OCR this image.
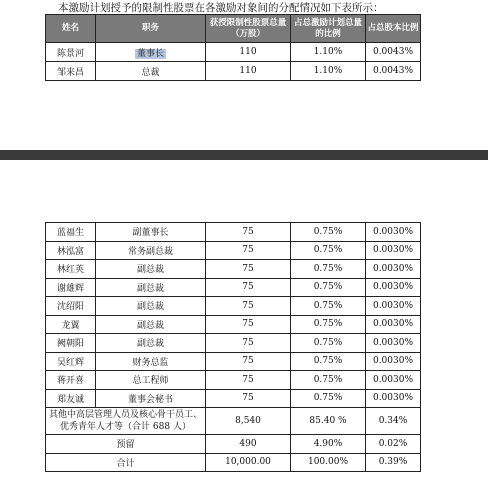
本激励计划授予的限制性股票在各激励对象间的分配情况如下表所示：
姓名	职务	获授限制性股票总量（万股）	占总激励计划总量的比例	占总股本比例
陈景河	董事长	110	1.10%	0.0043%
邹来昌	总裁	110	1.10%	0.0043%
蓝福生	副董事长	75	0.75%	0.0030%
林泓富	常务副总裁	75	0.75%	0.0030%
林红英	副总裁	75	0.75%	0.0030%
谢雄辉	副总裁	75	0.75%	0.0030%
沈绍阳	副总裁	75	0.75%	0.0030%
龙翼	副总裁	75	0.75%	0.0030%
阙朝阳	副总裁	75	0.75%	0.0030%
吴红辉	财务总监	75	0.75%	0.0030%
蒋开喜	总工程师	75	0.75%	0.0030%
郑友诚	董事会秘书	75	0.75%	0.0030%
其他中高层管理人员及核心骨干员工、优秀青年人才等（合计 688 人）		8,540	85.40 %	0.34%
预留		490	4.90%	0.02%
合计		10,000.00	100.00%	0.39%
